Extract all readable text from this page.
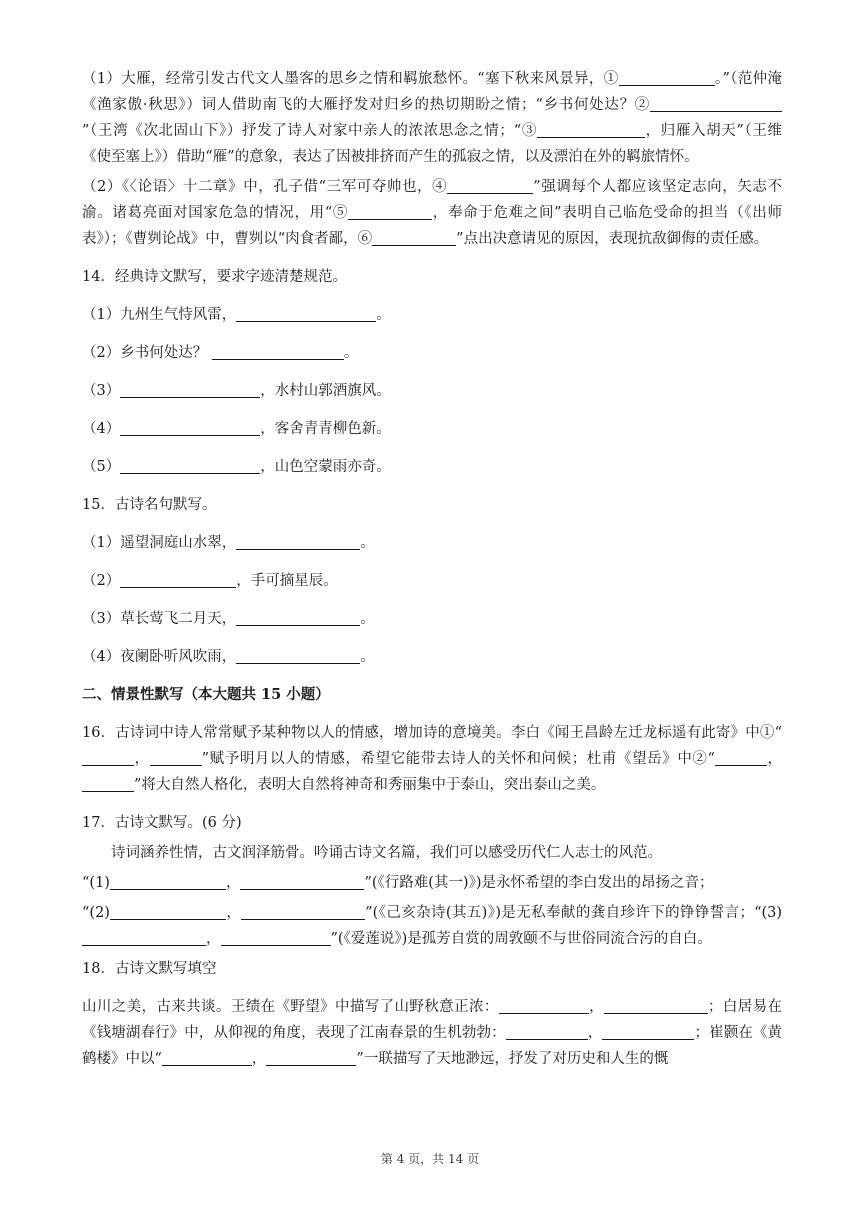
（1）大雁，经常引发古代文人墨客的思乡之情和羁旅愁怀。“塞下秋来风景异，①	。”（范仲淹《渔家傲·秋思》）词人借助南飞的大雁抒发对归乡的热切期盼之情；“乡书何处达？②”（王湾《次北固山下》）抒发了诗人对家中亲人的浓浓思念之情；“③	，归雁入胡天”（王维《使至塞上》）借助“雁”的意象，表达了因被排挤而产生的孤寂之情，以及漂泊在外的羁旅情怀。

（2）《〈论语〉十二章》中，孔子借“三军可夺帅也，④	”强调每个人都应该坚定志向，矢志不渝。诸葛亮面对国家危急的情况，用“⑤	，奉命于危难之间”表明自己临危受命的担当（《出师表》）；《曹刿论战》中，曹刿以“肉食者鄙，⑥	”点出决意请见的原因，表现抗敌御侮的责任感。

14．经典诗文默写，要求字迹清楚规范。

（1）九州生气恃风雷，	。

（2）乡书何处达？	。

（3）	，水村山郭酒旗风。

（4）	，客舍青青柳色新。

（5）	，山色空蒙雨亦奇。

15．古诗名句默写。

（1）遥望洞庭山水翠，	。

（2）	，手可摘星辰。

（3）草长莺飞二月天，	。

（4）夜阑卧听风吹雨，	。

二、情景性默写（本大题共 15 小题）

16．古诗词中诗人常常赋予某种物以人的情感，增加诗的意境美。李白《闻王昌龄左迁龙标遥有此寄》中①“，	”赋予明月以人的情感，希望它能带去诗人的关怀和问候；杜甫《望岳》中②“	，”将大自然人格化，表明大自然将神奇和秀丽集中于泰山，突出泰山之美。

17．古诗文默写。(6 分)

诗词涵养性情，古文润泽筋骨。吟诵古诗文名篇，我们可以感受历代仁人志士的风范。

“(1)	，	”(《行路难(其一)》)是永怀希望的李白发出的昂扬之音；

“(2)	，	”(《己亥杂诗(其五)》)是无私奉献的龚自珍许下的铮铮誓言；“(3)，	”(《爱莲说》)是孤芳自赏的周敦颐不与世俗同流合污的自白。

18．古诗文默写填空

山川之美，古来共谈。王绩在《野望》中描写了山野秋意正浓：	，	；白居易在《钱塘湖春行》中，从仰视的角度，表现了江南春景的生机勃勃：	，	；崔颢在《黄鹤楼》中以“	，	”一联描写了天地渺远，抒发了对历史和人生的慨

第 4 页，共 14 页
